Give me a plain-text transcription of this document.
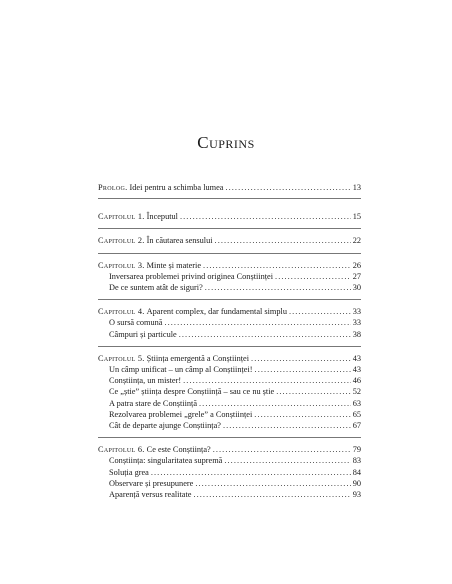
Cuprins
Prolog. Idei pentru a schimba lumea . . .	13
Capitolul 1. Începutul . . .	15
Capitolul 2. În căutarea sensului . . .	22
Capitolul 3. Minte și materie . . .	26
Inversarea problemei privind originea Conștiinței . . .	27
De ce suntem atât de siguri? . . .	30
Capitolul 4. Aparent complex, dar fundamental simplu . . .	33
O sursă comună . . .	33
Câmpuri și particule . . .	38
Capitolul 5. Știința emergentă a Conștiinței . . .	43
Un câmp unificat – un câmp al Conștiinței! . . .	43
Conștiința, un mister! . . .	46
Ce „știe” știința despre Conștiință – sau ce nu știe . . .	52
A patra stare de Conștiință . . .	63
Rezolvarea problemei „grele” a Conștiinței . . .	65
Cât de departe ajunge Conștiința? . . .	67
Capitolul 6. Ce este Conștiința? . . .	79
Conștiința: singularitatea supremă . . .	83
Soluția grea . . .	84
Observare și presupunere . . .	90
Aparență versus realitate . . .	93
